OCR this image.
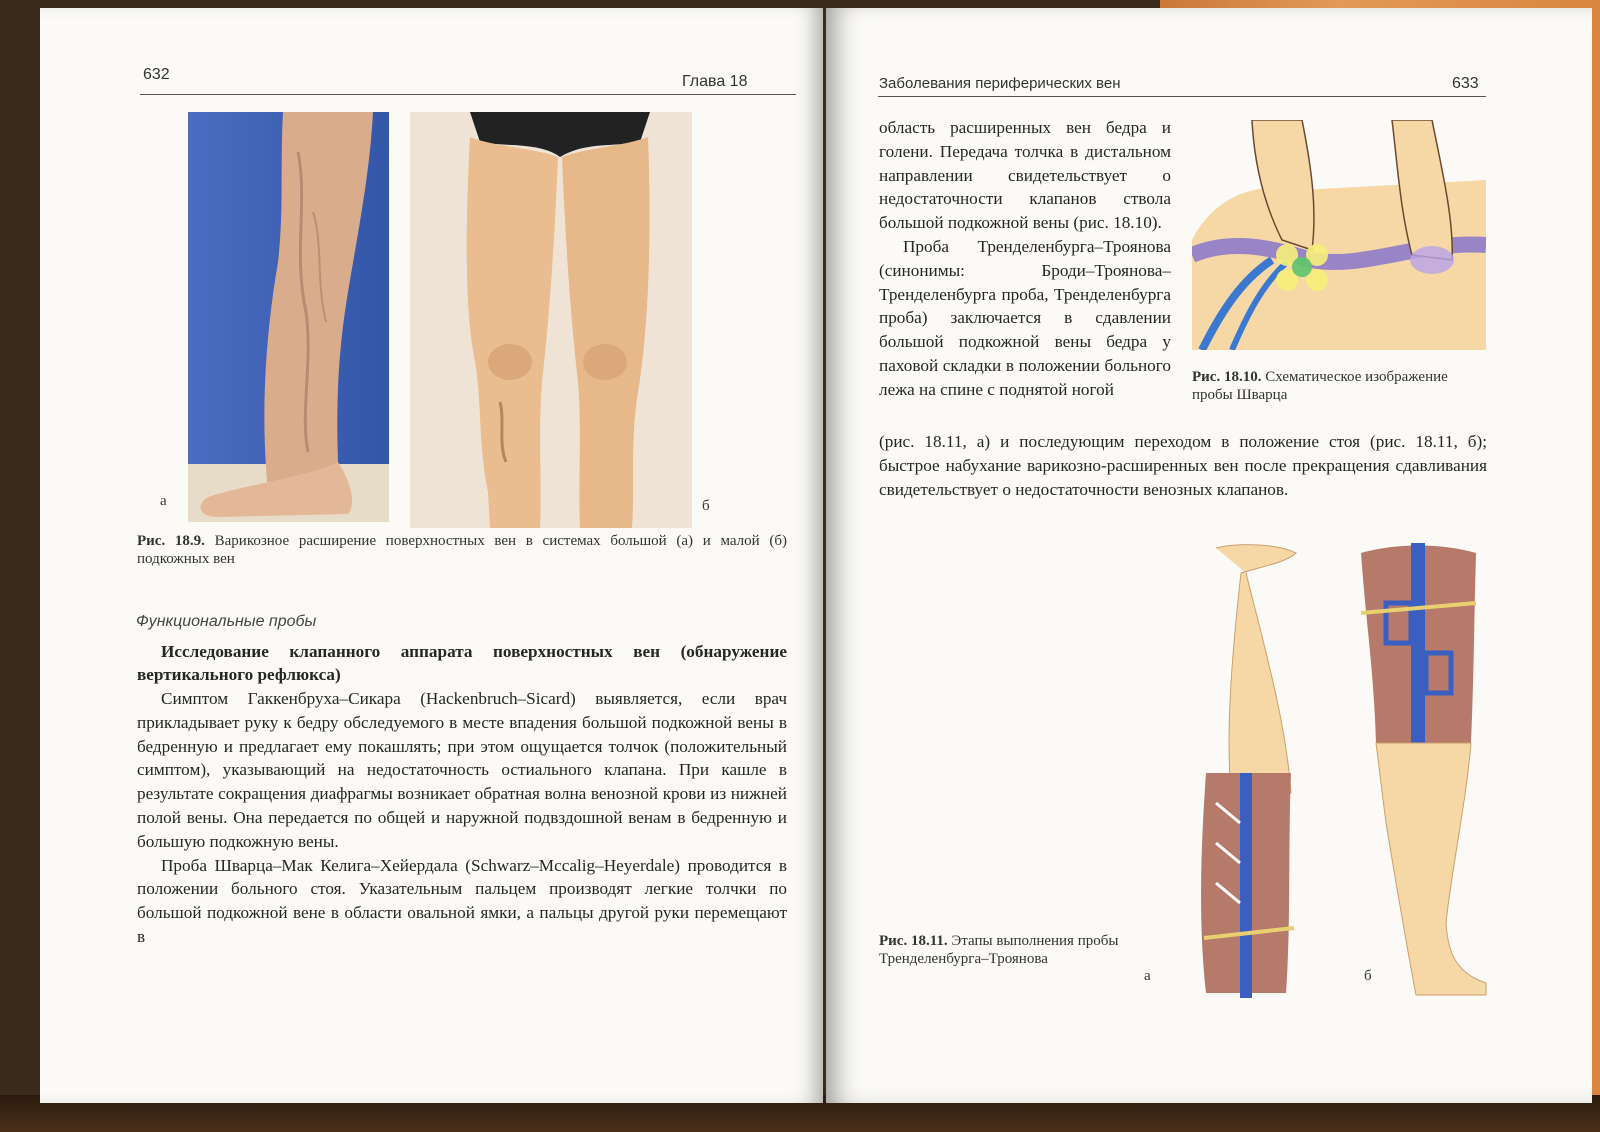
632	Глава 18
а	б
Рис. 18.9. Варикозное расширение поверхностных вен в системах большой (а) и малой (б) подкожных вен
Функциональные пробы
Исследование клапанного аппарата поверхностных вен (обнаружение вертикального рефлюкса)

Симптом Гаккенбруха–Сикара (Hackenbruch–Sicard) выявляется, если врач прикладывает руку к бедру обследуемого в месте впадения большой подкожной вены в бедренную и предлагает ему покашлять; при этом ощущается толчок (положительный симптом), указывающий на недостаточность остиального клапана. При кашле в результате сокращения диафрагмы возникает обратная волна венозной крови из нижней полой вены. Она передается по общей и наружной подвздошной венам в бедренную и большую подкожную вены.

Проба Шварца–Мак Келига–Хейердала (Schwarz–Mccalig–Heyerdale) проводится в положении больного стоя. Указательным пальцем производят легкие толчки по большой подкожной вене в области овальной ямки, а пальцы другой руки перемещают в

Заболевания периферических вен	633

область расширенных вен бедра и голени. Передача толчка в дистальном направлении свидетельствует о недостаточности клапанов ствола большой подкожной вены (рис. 18.10).

Проба Тренделенбурга–Троянова (синонимы: Броди–Троянова–Тренделенбурга проба, Тренделенбурга проба) заключается в сдавлении большой подкожной вены бедра у паховой складки в положении больного лежа на спине с поднятой ногой

Рис. 18.10. Схематическое изображение пробы Шварца

(рис. 18.11, а) и последующим переходом в положение стоя (рис. 18.11, б); быстрое набухание варикозно-расширенных вен после прекращения сдавливания свидетельствует о недостаточности венозных клапанов.

а	б
Рис. 18.11. Этапы выполнения пробы Тренделенбурга–Троянова
